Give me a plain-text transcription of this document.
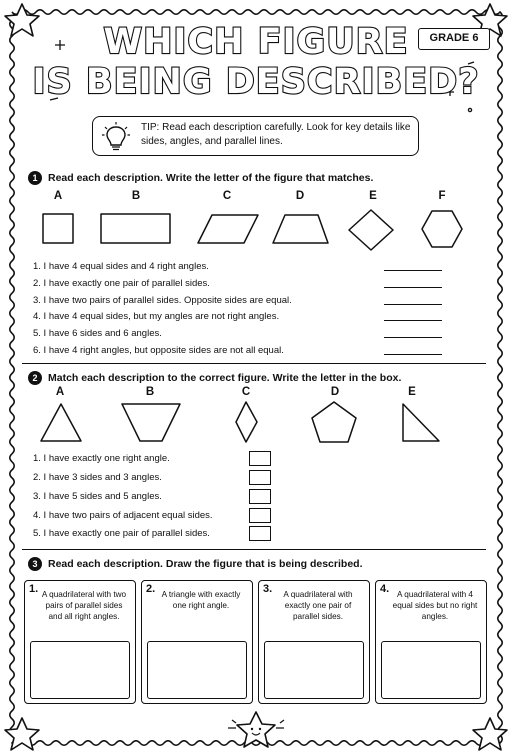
WHICH FIGURE
IS BEING DESCRIBED?
GRADE 6
TIP: Read each description carefully. Look for key details like sides, angles, and parallel lines.
1	Read each description. Write the letter of the figure that matches.
A	B	C	D	E	F
1. I have 4 equal sides and 4 right angles.
2. I have exactly one pair of parallel sides.
3. I have two pairs of parallel sides. Opposite sides are equal.
4. I have 4 equal sides, but my angles are not right angles.
5. I have 6 sides and 6 angles.
6. I have 4 right angles, but opposite sides are not all equal.
2	Match each description to the correct figure. Write the letter in the box.
A	B	C	D	E
1. I have exactly one right angle.
2. I have 3 sides and 3 angles.
3. I have 5 sides and 5 angles.
4. I have two pairs of adjacent equal sides.
5. I have exactly one pair of parallel sides.
3	Read each description. Draw the figure that is being described.
1. A quadrilateral with two pairs of parallel sides and all right angles.
2. A triangle with exactly one right angle.
3.	A quadrilateral with exactly one pair of parallel sides.
4. A quadrilateral with 4 equal sides but no right angles.
